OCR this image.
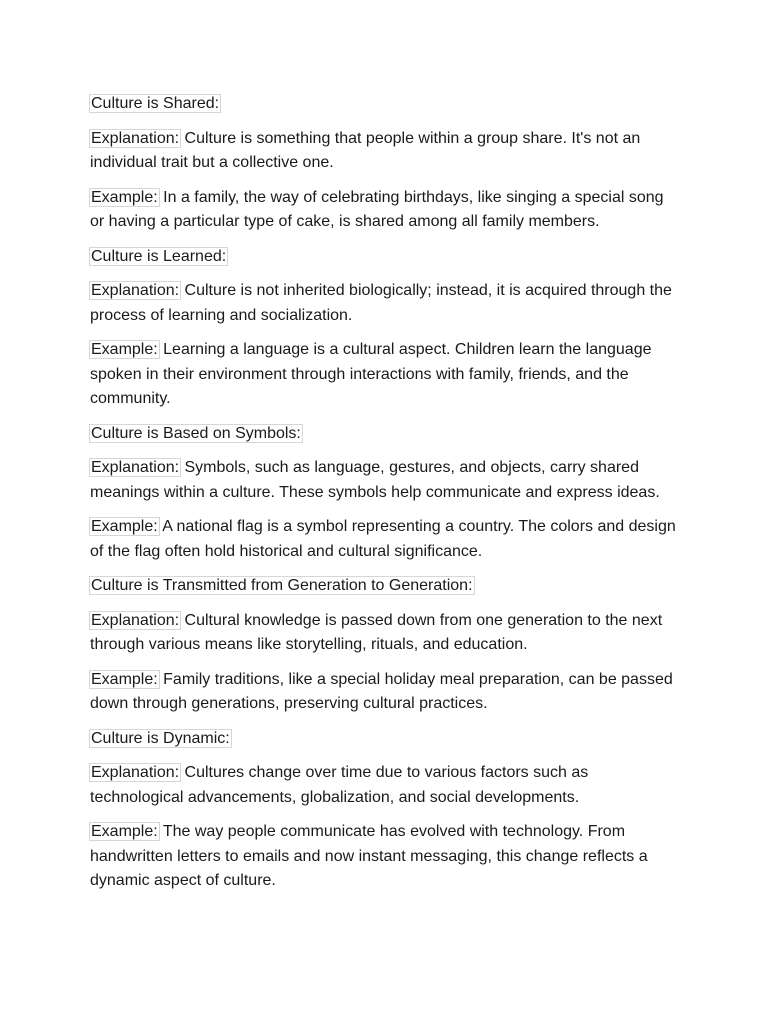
Culture is Shared:

Explanation: Culture is something that people within a group share. It's not an individual trait but a collective one.

Example: In a family, the way of celebrating birthdays, like singing a special song or having a particular type of cake, is shared among all family members.

Culture is Learned:

Explanation: Culture is not inherited biologically; instead, it is acquired through the process of learning and socialization.

Example: Learning a language is a cultural aspect. Children learn the language spoken in their environment through interactions with family, friends, and the community.

Culture is Based on Symbols:

Explanation: Symbols, such as language, gestures, and objects, carry shared meanings within a culture. These symbols help communicate and express ideas.

Example: A national flag is a symbol representing a country. The colors and design of the flag often hold historical and cultural significance.

Culture is Transmitted from Generation to Generation:

Explanation: Cultural knowledge is passed down from one generation to the next through various means like storytelling, rituals, and education.

Example: Family traditions, like a special holiday meal preparation, can be passed down through generations, preserving cultural practices.

Culture is Dynamic:

Explanation: Cultures change over time due to various factors such as technological advancements, globalization, and social developments.

Example: The way people communicate has evolved with technology. From handwritten letters to emails and now instant messaging, this change reflects a dynamic aspect of culture.
